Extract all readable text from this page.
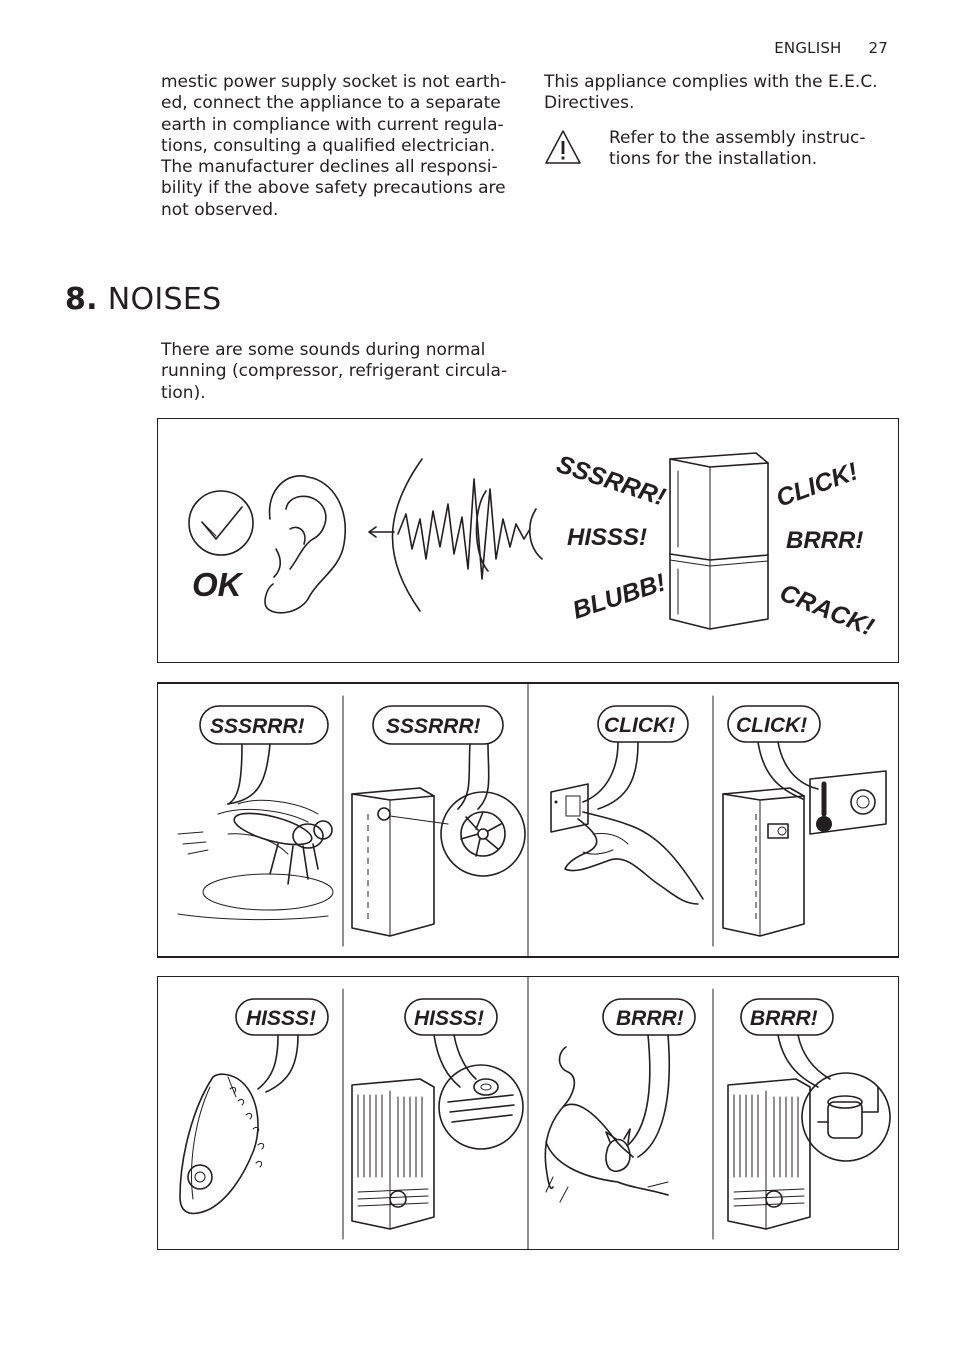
ENGLISH 27

mestic power supply socket is not earth-

ed, connect the appliance to a separate

earth in compliance with current regula-

tions, consulting a qualified electrician.

The manufacturer declines all responsi-

bility if the above safety precautions are

not observed.

This appliance complies with the E.E.C.

Directives.

Refer to the assembly instruc-

tions for the installation.

8. NOISES

There are some sounds during normal

running (compressor, refrigerant circula-

tion).

OK
SSSRRR!
HISSS!
BLUBB!
CLICK!
BRRR!
CRACK!
SSSRRR!	SSSRRR!	CLICK!	CLICK!
HISSS!	HISSS!	BRRR!	BRRR!
